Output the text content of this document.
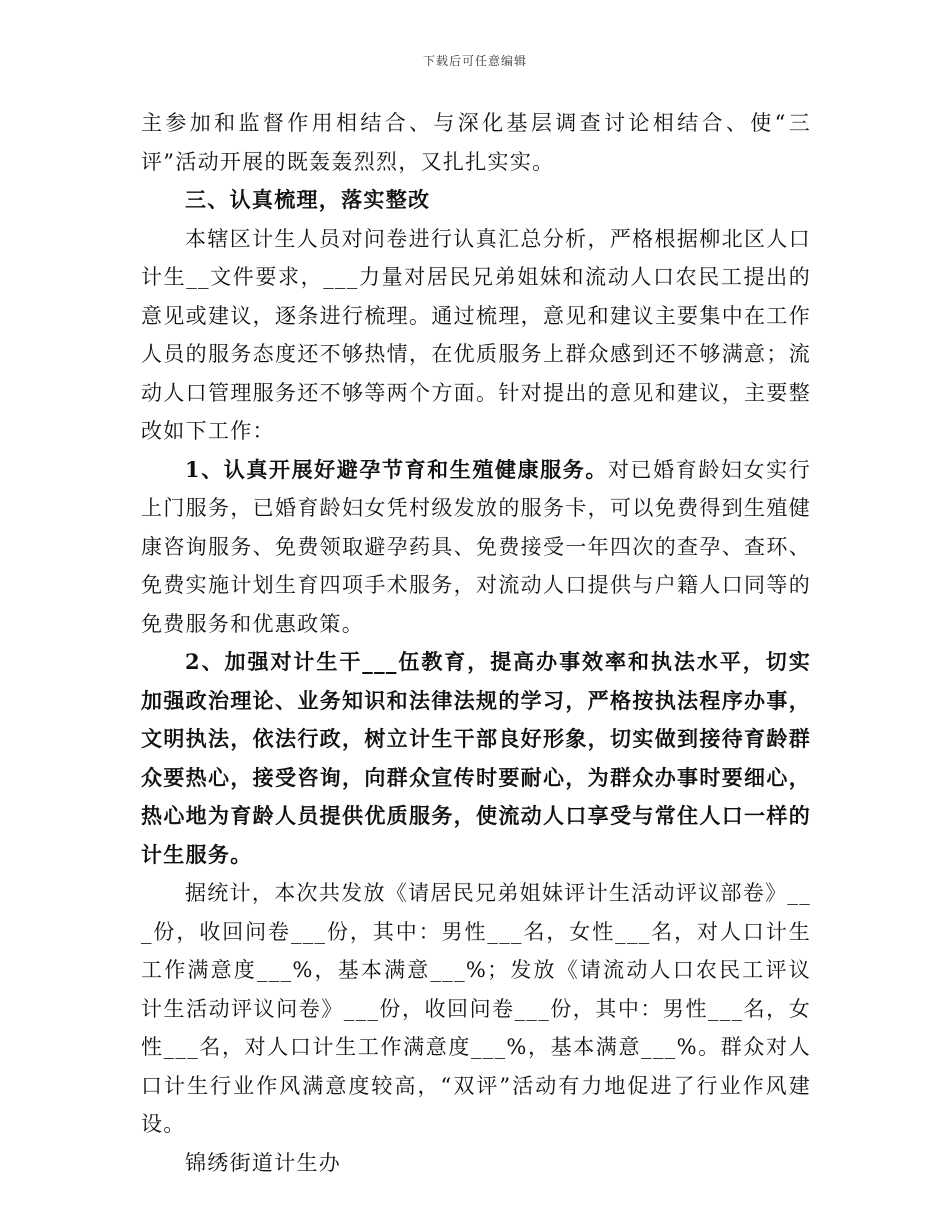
下载后可任意编辑

主参加和监督作用相结合、与深化基层调查讨论相结合、使“三评”活动开展的既轰轰烈烈，又扎扎实实。

三、认真梳理，落实整改

本辖区计生人员对问卷进行认真汇总分析，严格根据柳北区人口计生__文件要求，___力量对居民兄弟姐妹和流动人口农民工提出的意见或建议，逐条进行梳理。通过梳理，意见和建议主要集中在工作人员的服务态度还不够热情，在优质服务上群众感到还不够满意；流动人口管理服务还不够等两个方面。针对提出的意见和建议，主要整改如下工作：

1、认真开展好避孕节育和生殖健康服务。对已婚育龄妇女实行上门服务，已婚育龄妇女凭村级发放的服务卡，可以免费得到生殖健康咨询服务、免费领取避孕药具、免费接受一年四次的查孕、查环、免费实施计划生育四项手术服务，对流动人口提供与户籍人口同等的免费服务和优惠政策。

2、加强对计生干___伍教育，提高办事效率和执法水平，切实加强政治理论、业务知识和法律法规的学习，严格按执法程序办事，文明执法，依法行政，树立计生干部良好形象，切实做到接待育龄群众要热心，接受咨询，向群众宣传时要耐心，为群众办事时要细心，热心地为育龄人员提供优质服务，使流动人口享受与常住人口一样的计生服务。

据统计，本次共发放《请居民兄弟姐妹评计生活动评议部卷》___份，收回问卷___份，其中：男性___名，女性___名，对人口计生工作满意度___%，基本满意___%；发放《请流动人口农民工评议计生活动评议问卷》___份，收回问卷___份，其中：男性___名，女性___名，对人口计生工作满意度___%，基本满意___%。群众对人口计生行业作风满意度较高，“双评”活动有力地促进了行业作风建设。

锦绣街道计生办
